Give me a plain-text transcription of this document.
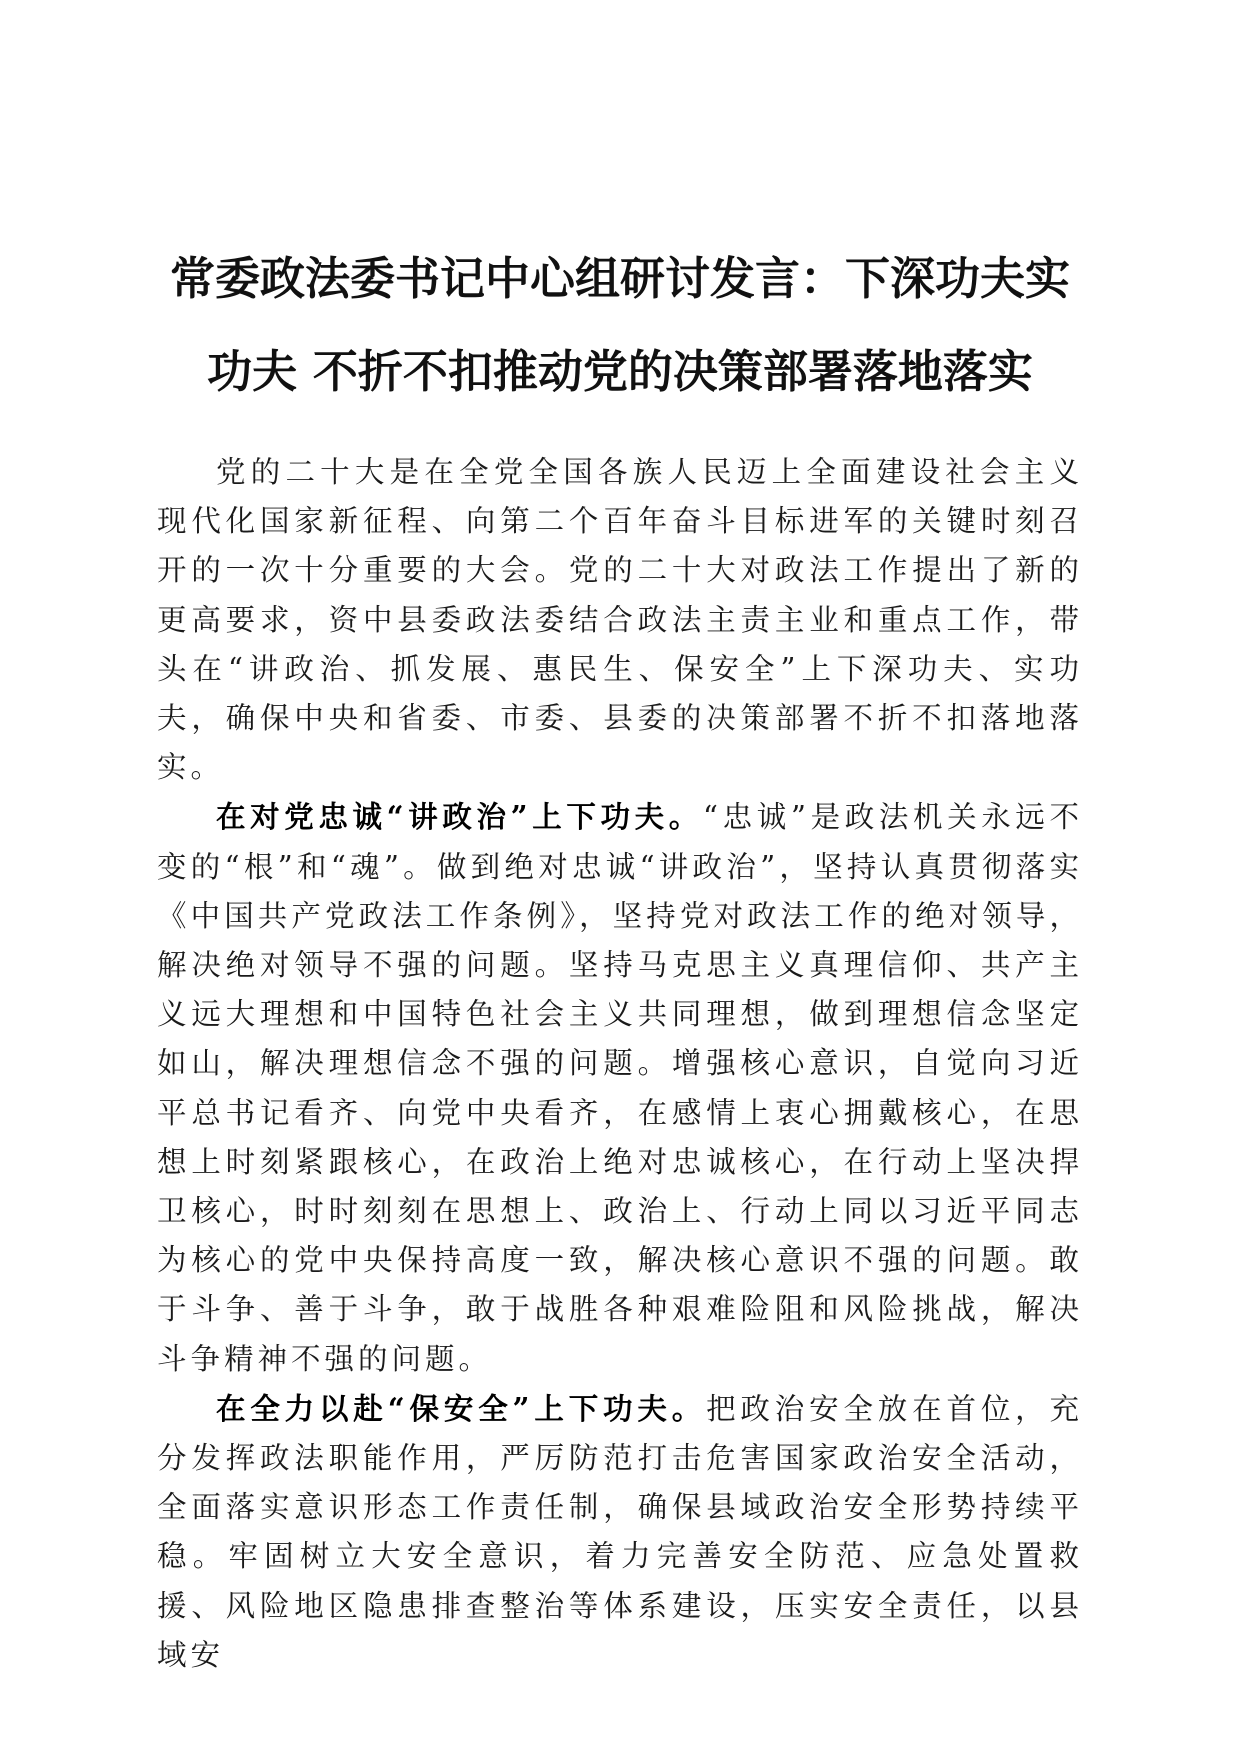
常委政法委书记中心组研讨发言：下深功夫实
功夫 不折不扣推动党的决策部署落地落实

党的二十大是在全党全国各族人民迈上全面建设社会主义现代化国家新征程、向第二个百年奋斗目标进军的关键时刻召开的一次十分重要的大会。党的二十大对政法工作提出了新的更高要求，资中县委政法委结合政法主责主业和重点工作，带头在“讲政治、抓发展、惠民生、保安全”上下深功夫、实功夫，确保中央和省委、市委、县委的决策部署不折不扣落地落实。

在对党忠诚“讲政治”上下功夫。“忠诚”是政法机关永远不变的“根”和“魂”。做到绝对忠诚“讲政治”，坚持认真贯彻落实《中国共产党政法工作条例》，坚持党对政法工作的绝对领导，解决绝对领导不强的问题。坚持马克思主义真理信仰、共产主义远大理想和中国特色社会主义共同理想，做到理想信念坚定如山，解决理想信念不强的问题。增强核心意识，自觉向习近平总书记看齐、向党中央看齐，在感情上衷心拥戴核心，在思想上时刻紧跟核心，在政治上绝对忠诚核心，在行动上坚决捍卫核心，时时刻刻在思想上、政治上、行动上同以习近平同志为核心的党中央保持高度一致，解决核心意识不强的问题。敢于斗争、善于斗争，敢于战胜各种艰难险阻和风险挑战，解决斗争精神不强的问题。

在全力以赴“保安全”上下功夫。把政治安全放在首位，充分发挥政法职能作用，严厉防范打击危害国家政治安全活动，全面落实意识形态工作责任制，确保县域政治安全形势持续平稳。牢固树立大安全意识，着力完善安全防范、应急处置救援、风险地区隐患排查整治等体系建设，压实安全责任，以县域安
